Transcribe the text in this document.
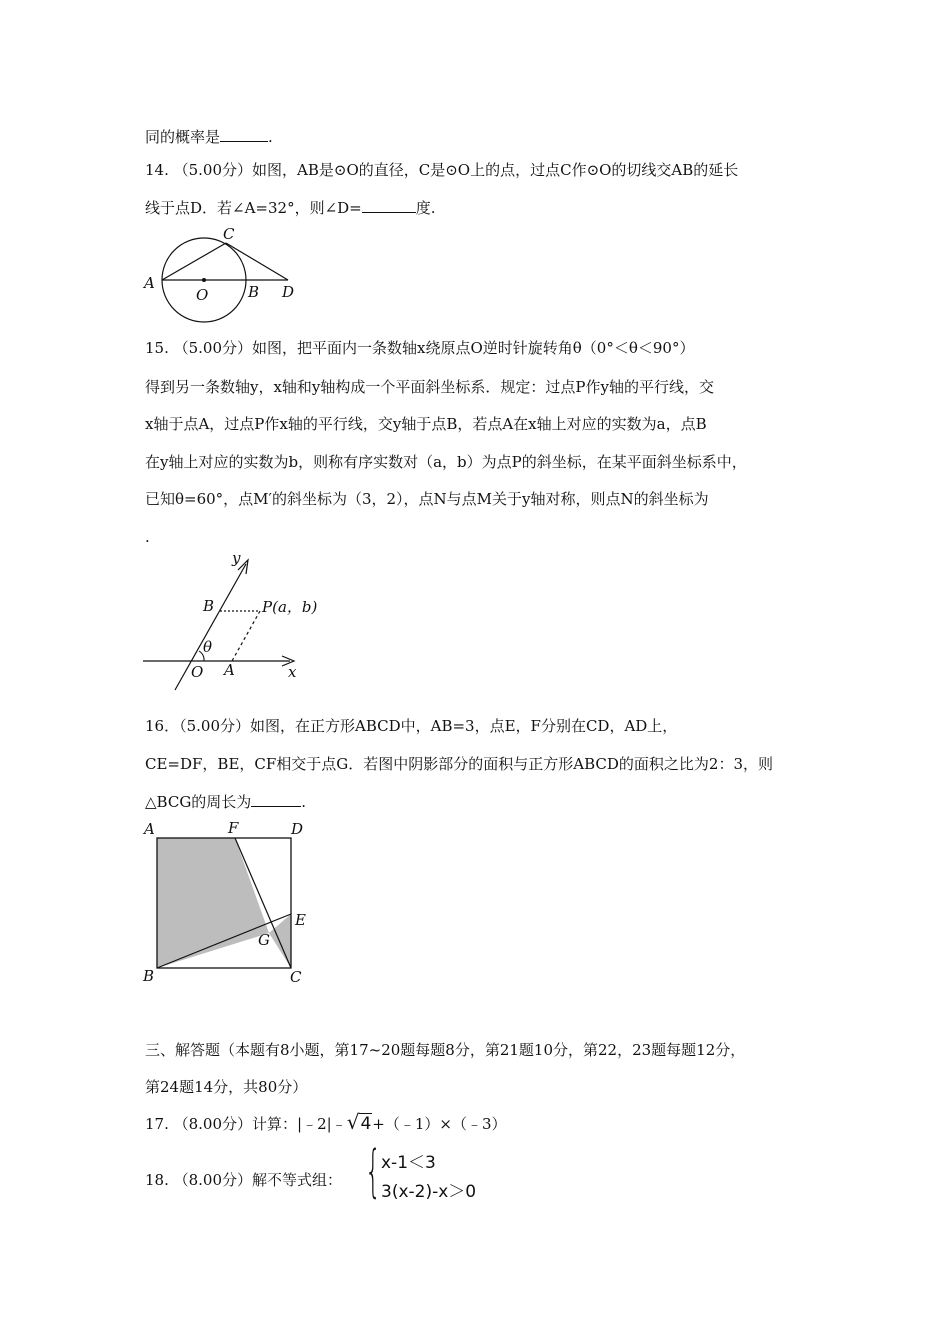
同的概率是	.
14. （5.00分）如图，AB是⊙O的直径，C是⊙O上的点，过点C作⊙O的切线交AB的延长
线于点D．若∠A=32°，则∠D=	度.
A
O	B
C
D
15. （5.00分）如图，把平面内一条数轴x绕原点O逆时针旋转角θ（0°＜θ＜90°）
得到另一条数轴y，x轴和y轴构成一个平面斜坐标系．规定：过点P作y轴的平行线，交
x轴于点A，过点P作x轴的平行线，交y轴于点B，若点A在x轴上对应的实数为a，点B
在y轴上对应的实数为b，则称有序实数对（a，b）为点P的斜坐标，在某平面斜坐标系中，
已知θ=60°，点M′的斜坐标为（3，2），点N与点M关于y轴对称，则点N的斜坐标为
.
y
x
B	P(a，b)
θ
O A
16．（5.00分）如图，在正方形ABCD中，AB=3，点E，F分别在CD，AD上，
CE=DF，BE，CF相交于点G．若图中阴影部分的面积与正方形ABCD的面积之比为2：3，则
△BCG的周长为	.
A	F	D
E
G
B	C
三、解答题（本题有8小题，第17~20题每题8分，第21题10分，第22，23题每题12分，
第24题14分，共80分）
17. （8.00分）计算：|﹣2|﹣√4+（﹣1）×（﹣3）
18. （8.00分）解不等式组： { x-1＜3
3(x-2)-x＞0
